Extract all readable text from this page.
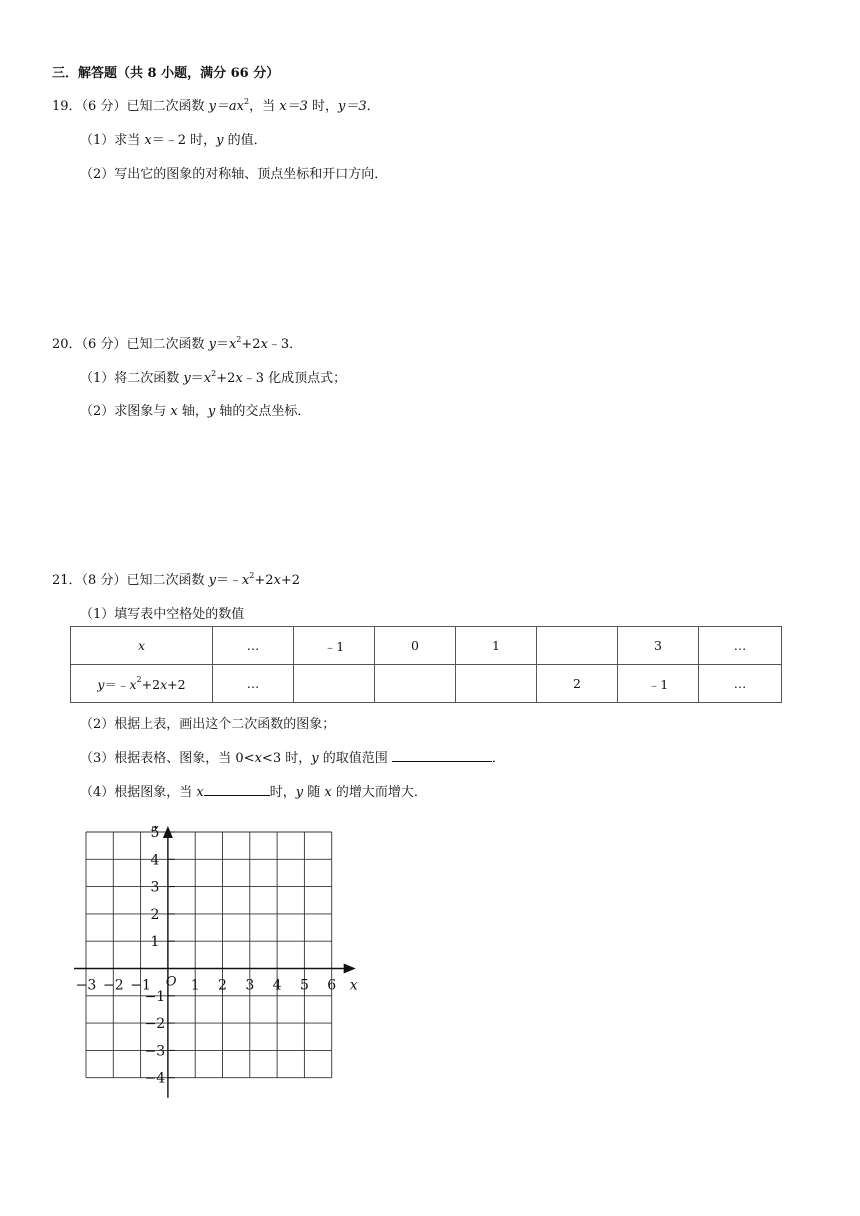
三．解答题（共 8 小题，满分 66 分）
19．（6 分）已知二次函数 $y=ax^2$，当 x＝3 时，y＝3．
（1）求当 x＝﹣2 时，y 的值．
（2）写出它的图象的对称轴、顶点坐标和开口方向．
20．（6 分）已知二次函数 $y=x^2+2x﹣3$．
（1）将二次函数 $y=x^2+2x﹣3$ 化成顶点式；
（2）求图象与 x 轴，y 轴的交点坐标．
21．（8 分）已知二次函数 $y=﹣x^2+2x+2$
（1）填写表中空格处的数值
x	…	﹣1	0	1		3	…
$y=﹣x^2+2x+2$	…				2	﹣1	…
（2）根据上表，画出这个二次函数的图象；
（3）根据表格、图象，当 0<x<3 时，y 的取值范围	．
（4）根据图象，当 x	时，y 随 x 的增大而增大．
−3 −2 −1	1 2 3 4 5 6
5
4
3
2
1
−1
−2
−3
−4
O	x
